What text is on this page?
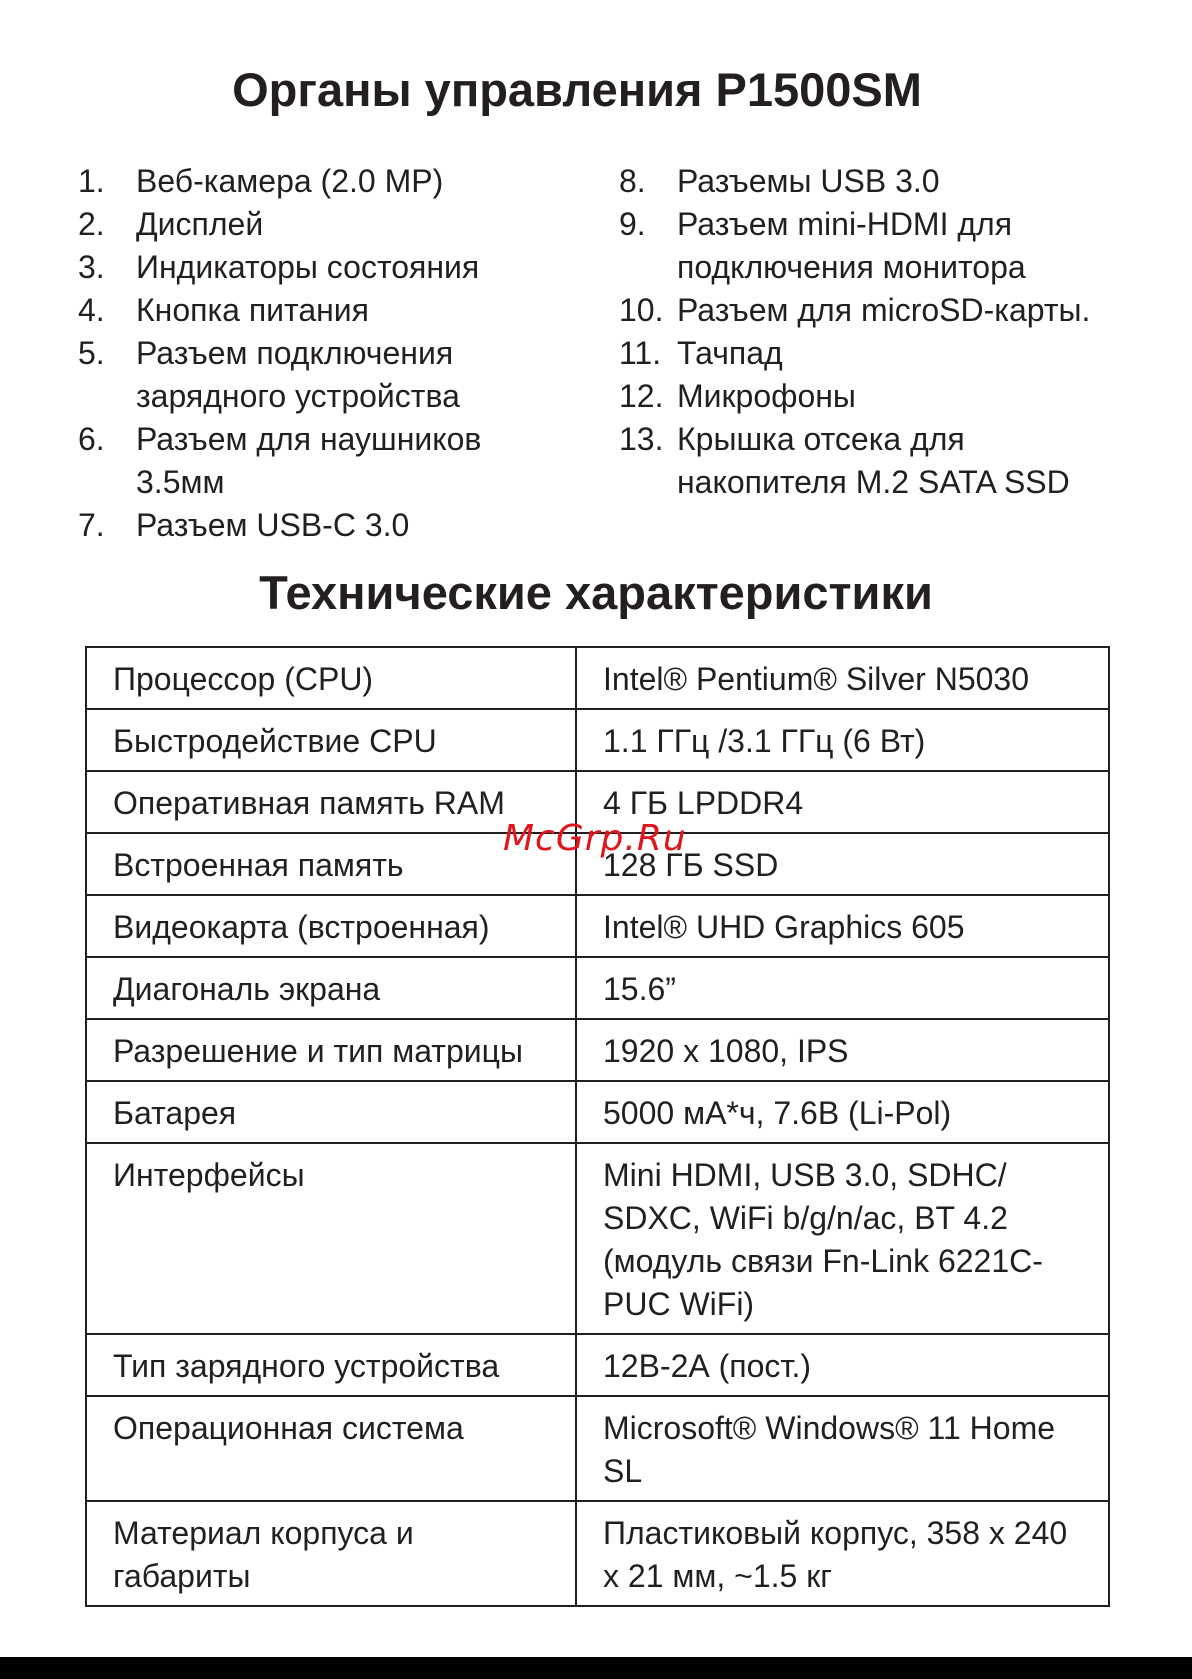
Органы управления P1500SM
1. Веб-камера (2.0 MP)
2. Дисплей
3. Индикаторы состояния
4. Кнопка питания
5. Разъем подключения зарядного устройства
6. Разъем для наушников 3.5мм
7. Разъем USB-C 3.0
8. Разъемы USB 3.0
9. Разъем mini-HDMI для подключения монитора
10. Разъем для microSD-карты.
11. Тачпад
12. Микрофоны
13. Крышка отсека для накопителя M.2 SATA SSD
Технические характеристики
Процессор (CPU)	Intel® Pentium® Silver N5030
Быстродействие CPU	1.1 ГГц /3.1 ГГц (6 Вт)
Оперативная память RAM	4 ГБ LPDDR4
Встроенная память	128 ГБ SSD
Видеокарта (встроенная)	Intel® UHD Graphics 605
Диагональ экрана	15.6”
Разрешение и тип матрицы	1920 x 1080, IPS
Батарея	5000 мА*ч, 7.6В (Li-Pol)
Интерфейсы	Mini HDMI, USB 3.0, SDHC/ SDXC, WiFi b/g/n/ac, BT 4.2 (модуль связи Fn-Link 6221C-PUC WiFi)
Тип зарядного устройства	12В-2А (пост.)
Операционная система	Microsoft® Windows® 11 Home SL
Материал корпуса и габариты	Пластиковый корпус, 358 x 240 x 21 мм, ~1.5 кг
McGrp.Ru
